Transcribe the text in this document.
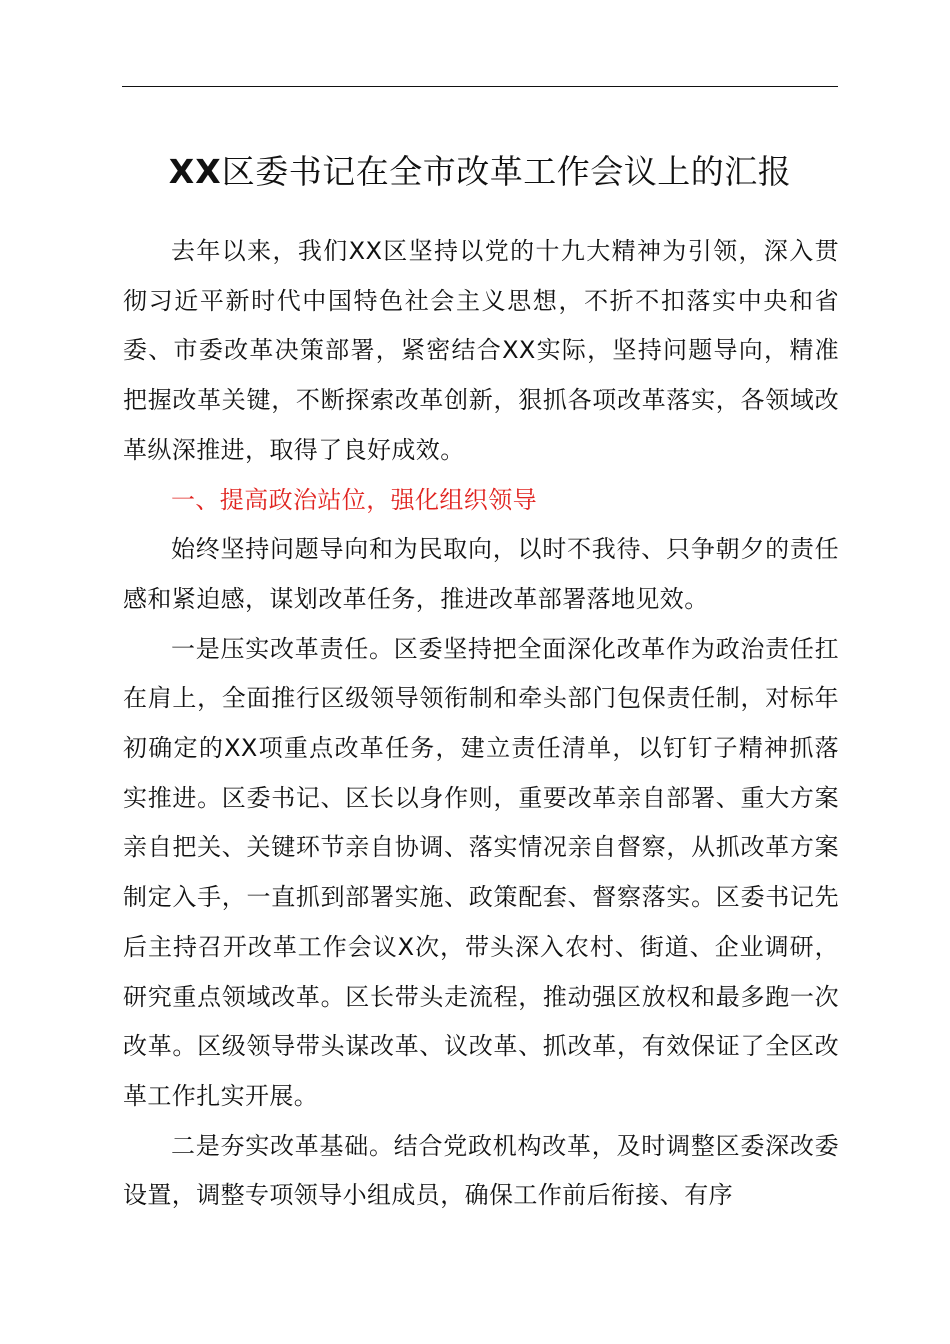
XX区委书记在全市改革工作会议上的汇报

去年以来，我们XX区坚持以党的十九大精神为引领，深入贯彻习近平新时代中国特色社会主义思想，不折不扣落实中央和省委、市委改革决策部署，紧密结合XX实际，坚持问题导向，精准把握改革关键，不断探索改革创新，狠抓各项改革落实，各领域改革纵深推进，取得了良好成效。

一、提高政治站位，强化组织领导

始终坚持问题导向和为民取向，以时不我待、只争朝夕的责任感和紧迫感，谋划改革任务，推进改革部署落地见效。

一是压实改革责任。区委坚持把全面深化改革作为政治责任扛在肩上，全面推行区级领导领衔制和牵头部门包保责任制，对标年初确定的XX项重点改革任务，建立责任清单，以钉钉子精神抓落实推进。区委书记、区长以身作则，重要改革亲自部署、重大方案亲自把关、关键环节亲自协调、落实情况亲自督察，从抓改革方案制定入手，一直抓到部署实施、政策配套、督察落实。区委书记先后主持召开改革工作会议X次，带头深入农村、街道、企业调研，研究重点领域改革。区长带头走流程，推动强区放权和最多跑一次改革。区级领导带头谋改革、议改革、抓改革，有效保证了全区改革工作扎实开展。

二是夯实改革基础。结合党政机构改革，及时调整区委深改委设置，调整专项领导小组成员，确保工作前后衔接、有序
